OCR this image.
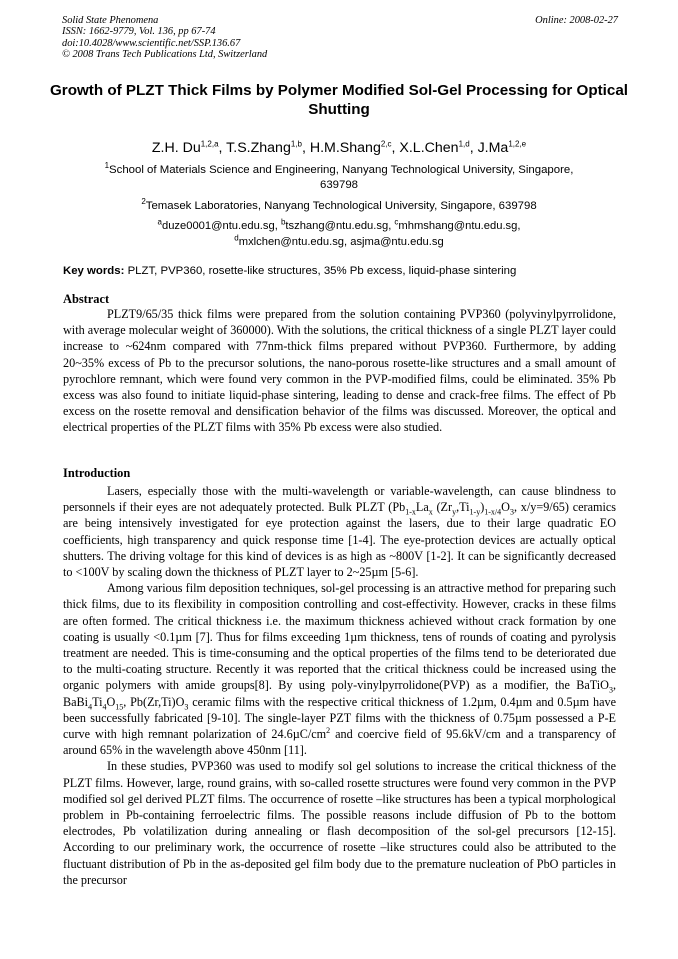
Solid State Phenomena
ISSN: 1662-9779, Vol. 136, pp 67-74
doi:10.4028/www.scientific.net/SSP.136.67
© 2008 Trans Tech Publications Ltd, Switzerland
Online: 2008-02-27
Growth of PLZT Thick Films by Polymer Modified Sol-Gel Processing for Optical Shutting
Z.H. Du$^{1,2,a}$, T.S.Zhang$^{1,b}$, H.M.Shang$^{2,c}$, X.L.Chen$^{1,d}$, J.Ma$^{1,2,e}$
$^1$School of Materials Science and Engineering, Nanyang Technological University, Singapore, 639798
$^2$Temasek Laboratories, Nanyang Technological University, Singapore, 639798
$^a$duze0001@ntu.edu.sg, $^b$tszhang@ntu.edu.sg, $^c$mhmshang@ntu.edu.sg,
$^d$mxlchen@ntu.edu.sg, asjma@ntu.edu.sg
Key words: PLZT, PVP360, rosette-like structures, 35% Pb excess, liquid-phase sintering
Abstract

PLZT9/65/35 thick films were prepared from the solution containing PVP360 (polyvinylpyrrolidone, with average molecular weight of 360000). With the solutions, the critical thickness of a single PLZT layer could increase to ~624nm compared with 77nm-thick films prepared without PVP360. Furthermore, by adding 20~35% excess of Pb to the precursor solutions, the nano-porous rosette-like structures and a small amount of pyrochlore remnant, which were found very common in the PVP-modified films, could be eliminated. 35% Pb excess was also found to initiate liquid-phase sintering, leading to dense and crack-free films. The effect of Pb excess on the rosette removal and densification behavior of the films was discussed. Moreover, the optical and electrical properties of the PLZT films with 35% Pb excess were also studied.

Introduction

Lasers, especially those with the multi-wavelength or variable-wavelength, can cause blindness to personnels if their eyes are not adequately protected. Bulk PLZT ($Pb_{1-x}La_x$ $(Zr_y,Ti_{1-y})_{1-x/4}O_3$, x/y=9/65) ceramics are being intensively investigated for eye protection against the lasers, due to their large quadratic EO coefficients, high transparency and quick response time [1-4]. The eye-protection devices are actually optical shutters. The driving voltage for this kind of devices is as high as ~800V [1-2]. It can be significantly decreased to <100V by scaling down the thickness of PLZT layer to 2~25µm [5-6].

Among various film deposition techniques, sol-gel processing is an attractive method for preparing such thick films, due to its flexibility in composition controlling and cost-effectivity. However, cracks in these films are often formed. The critical thickness i.e. the maximum thickness achieved without crack formation by one coating is usually <0.1µm [7]. Thus for films exceeding 1µm thickness, tens of rounds of coating and pyrolysis treatment are needed. This is time-consuming and the optical properties of the films tend to be deteriorated due to the multi-coating structure. Recently it was reported that the critical thickness could be increased using the organic polymers with amide groups[8]. By using poly-vinylpyrrolidone(PVP) as a modifier, the BaTiO$_3$, $BaBi_4Ti_4O_{15}$, $Pb(Zr,Ti)O_3$ ceramic films with the respective critical thickness of 1.2µm, 0.4µm and 0.5µm have been successfully fabricated [9-10]. The single-layer PZT films with the thickness of 0.75µm possessed a P-E curve with high remnant polarization of $24.6\mu C/cm^2$ and coercive field of 95.6kV/cm and a transparency of around 65% in the wavelength above 450nm [11].

In these studies, PVP360 was used to modify sol gel solutions to increase the critical thickness of the PLZT films. However, large, round grains, with so-called rosette structures were found very common in the PVP modified sol gel derived PLZT films. The occurrence of rosette –like structures has been a typical morphological problem in Pb-containing ferroelectric films. The possible reasons include diffusion of Pb to the bottom electrodes, Pb volatilization during annealing or flash decomposition of the sol-gel precursors [12-15]. According to our preliminary work, the occurrence of rosette –like structures could also be attributed to the fluctuant distribution of Pb in the as-deposited gel film body due to the premature nucleation of PbO particles in the precursor
